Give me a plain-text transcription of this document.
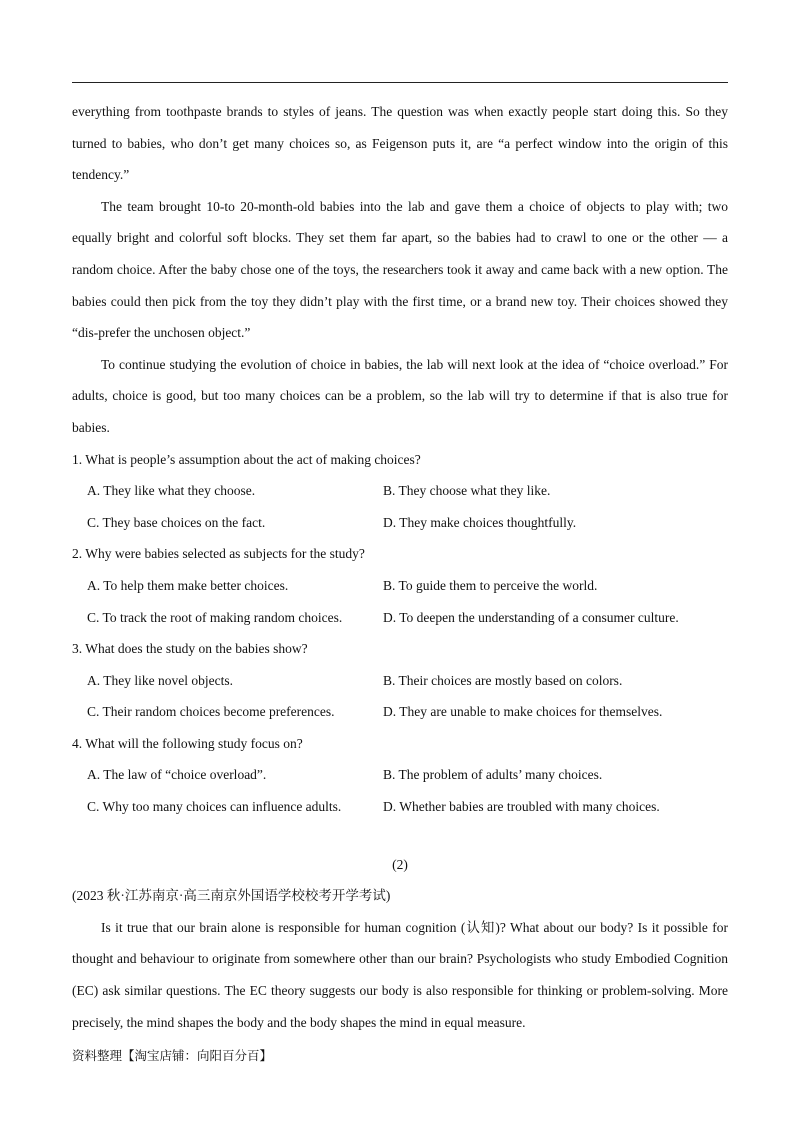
everything from toothpaste brands to styles of jeans. The question was when exactly people start doing this. So they turned to babies, who don’t get many choices so, as Feigenson puts it, are “a perfect window into the origin of this tendency.”

The team brought 10-to 20-month-old babies into the lab and gave them a choice of objects to play with; two equally bright and colorful soft blocks. They set them far apart, so the babies had to crawl to one or the other — a random choice. After the baby chose one of the toys, the researchers took it away and came back with a new option. The babies could then pick from the toy they didn’t play with the first time, or a brand new toy. Their choices showed they “dis-prefer the unchosen object.”

To continue studying the evolution of choice in babies, the lab will next look at the idea of “choice overload.” For adults, choice is good, but too many choices can be a problem, so the lab will try to determine if that is also true for babies.

1. What is people’s assumption about the act of making choices?
A. They like what they choose.	B. They choose what they like.
C. They base choices on the fact.	D. They make choices thoughtfully.
2. Why were babies selected as subjects for the study?
A. To help them make better choices.	B. To guide them to perceive the world.
C. To track the root of making random choices.	D. To deepen the understanding of a consumer culture.
3. What does the study on the babies show?
A. They like novel objects.	B. Their choices are mostly based on colors.
C. Their random choices become preferences.	D. They are unable to make choices for themselves.
4. What will the following study focus on?
A. The law of “choice overload”.	B. The problem of adults’ many choices.
C. Why too many choices can influence adults.	D. Whether babies are troubled with many choices.
(2)
(2023 秋·江苏南京·高三南京外国语学校校考开学考试)

Is it true that our brain alone is responsible for human cognition (认知)? What about our body? Is it possible for thought and behaviour to originate from somewhere other than our brain? Psychologists who study Embodied Cognition (EC) ask similar questions. The EC theory suggests our body is also responsible for thinking or problem-solving. More precisely, the mind shapes the body and the body shapes the mind in equal measure.

资料整理【淘宝店铺：向阳百分百】
